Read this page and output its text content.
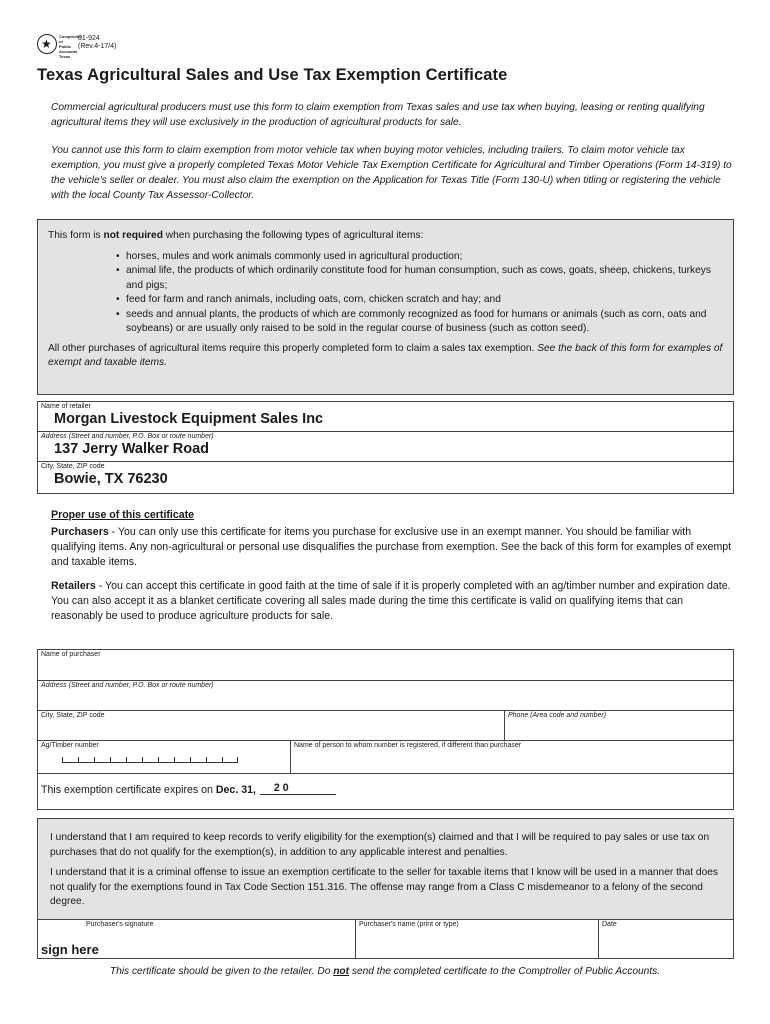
★
Comptroller of Public Accounts Texas
01-924
(Rev.4-17/4)
Texas Agricultural Sales and Use Tax Exemption Certificate

Commercial agricultural producers must use this form to claim exemption from Texas sales and use tax when buying, leasing or renting qualifying agricultural items they will use exclusively in the production of agricultural products for sale.

You cannot use this form to claim exemption from motor vehicle tax when buying motor vehicles, including trailers. To claim motor vehicle tax exemption, you must give a properly completed Texas Motor Vehicle Tax Exemption Certificate for Agricultural and Timber Operations (Form 14-319) to the vehicle's seller or dealer. You must also claim the exemption on the Application for Texas Title (Form 130-U) when titling or registering the vehicle with the local County Tax Assessor-Collector.

This form is not required when purchasing the following types of agricultural items:
• horses, mules and work animals commonly used in agricultural production;
• animal life, the products of which ordinarily constitute food for human consumption, such as cows, goats, sheep, chickens, turkeys and pigs;
• feed for farm and ranch animals, including oats, corn, chicken scratch and hay; and
• seeds and annual plants, the products of which are commonly recognized as food for humans or animals (such as corn, oats and soybeans) or are usually only raised to be sold in the regular course of business (such as cotton seed).
All other purchases of agricultural items require this properly completed form to claim a sales tax exemption. See the back of this form for examples of exempt and taxable items.
Name of retailer
Morgan Livestock Equipment Sales Inc
Address (Street and number, P.O. Box or route number)
137 Jerry Walker Road
City, State, ZIP code
Bowie, TX 76230
Proper use of this certificate

Purchasers - You can only use this certificate for items you purchase for exclusive use in an exempt manner. You should be familiar with qualifying items. Any non-agricultural or personal use disqualifies the purchase from exemption. See the back of this form for examples of exempt and taxable items.

Retailers - You can accept this certificate in good faith at the time of sale if it is properly completed with an ag/timber number and expiration date. You can also accept it as a blanket certificate covering all sales made during the time this certificate is valid on qualifying items that can reasonably be used to produce agriculture products for sale.

Name of purchaser
Address (Street and number, P.O. Box or route number)
City, State, ZIP code	Phone (Area code and number)
Ag/Timber number	Name of person to whom number is registered, if different than purchaser
This exemption certificate expires on Dec. 31, 2 0

I understand that I am required to keep records to verify eligibility for the exemption(s) claimed and that I will be required to pay sales or use tax on purchases that do not qualify for the exemption(s), in addition to any applicable interest and penalties.

I understand that it is a criminal offense to issue an exemption certificate to the seller for taxable items that I know will be used in a manner that does not qualify for the exemptions found in Tax Code Section 151.316. The offense may range from a Class C misdemeanor to a felony of the second degree.

Purchaser's signature
sign here
Purchaser's name (print or type)	Date
This certificate should be given to the retailer. Do not send the completed certificate to the Comptroller of Public Accounts.
